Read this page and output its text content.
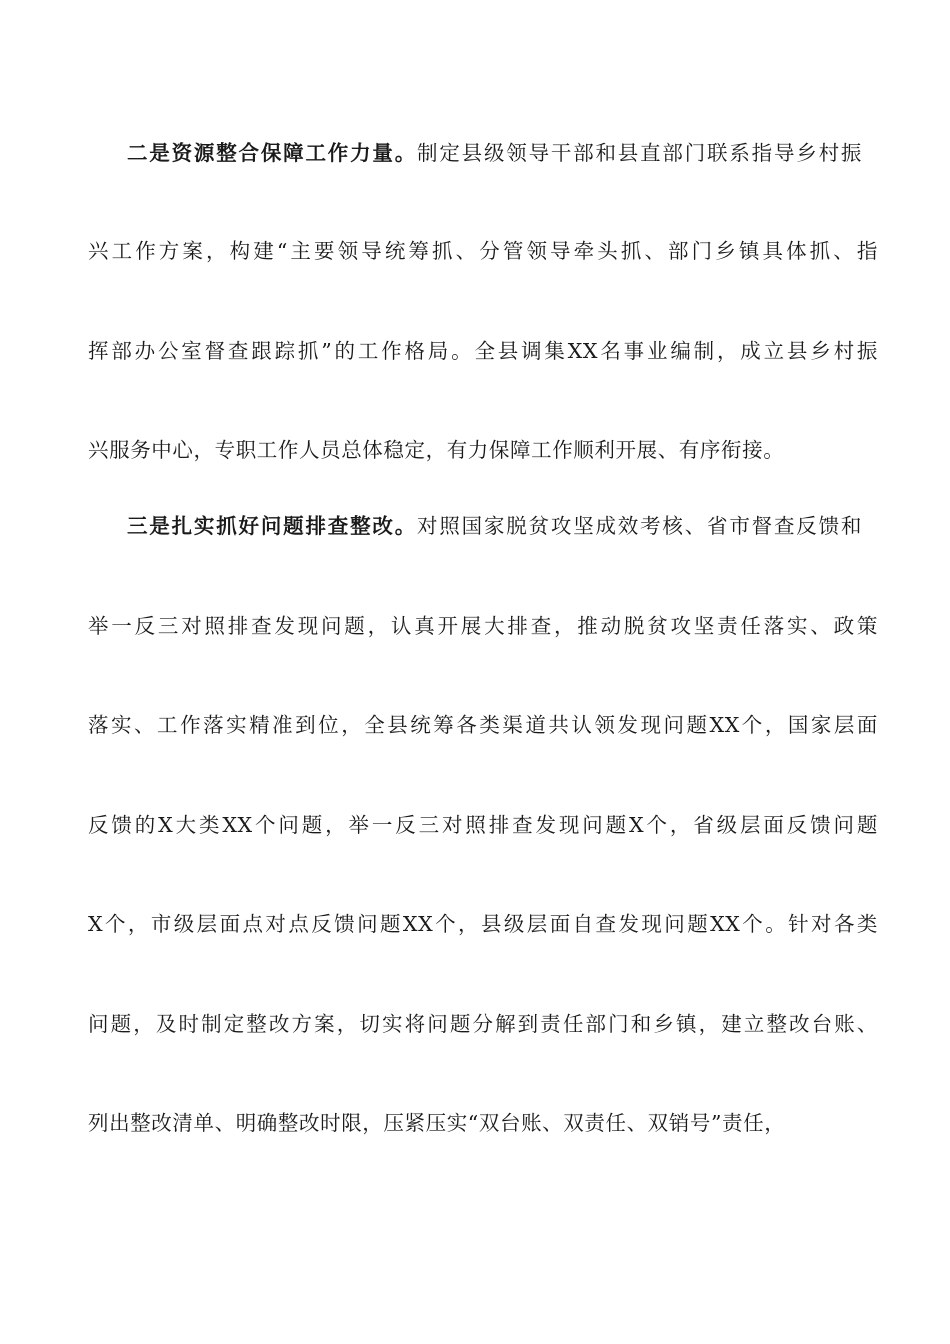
二是资源整合保障工作力量。制定县级领导干部和县直部门联系指导乡村振
兴工作方案，构建“主要领导统筹抓、分管领导牵头抓、部门乡镇具体抓、指
挥部办公室督查跟踪抓”的工作格局。全县调集XX名事业编制，成立县乡村振
兴服务中心，专职工作人员总体稳定，有力保障工作顺利开展、有序衔接。
三是扎实抓好问题排查整改。对照国家脱贫攻坚成效考核、省市督查反馈和
举一反三对照排查发现问题，认真开展大排查，推动脱贫攻坚责任落实、政策
落实、工作落实精准到位，全县统筹各类渠道共认领发现问题XX个，国家层面
反馈的X大类XX个问题，举一反三对照排查发现问题X个，省级层面反馈问题
X个，市级层面点对点反馈问题XX个，县级层面自查发现问题XX个。针对各类
问题，及时制定整改方案，切实将问题分解到责任部门和乡镇，建立整改台账、
列出整改清单、明确整改时限，压紧压实“双台账、双责任、双销号”责任，
